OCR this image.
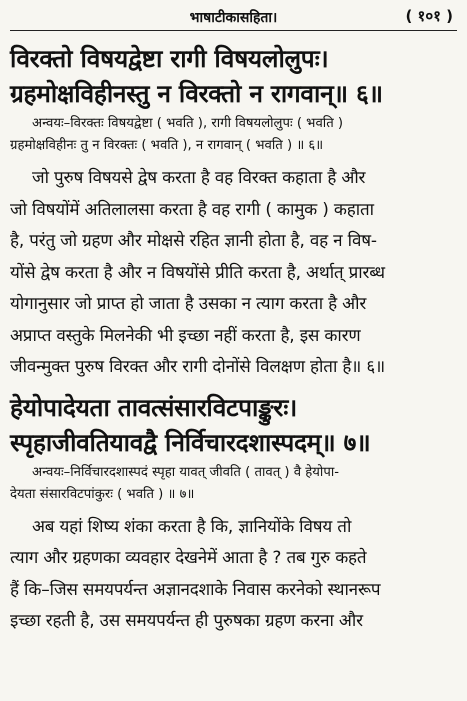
भाषाटीकासहिता।	( १०१ )
विरक्तो विषयद्वेष्टा रागी विषयलोलुपः।
ग्रहमोक्षविहीनस्तु न विरक्तो न रागवान्॥ ६॥
अन्वयः–विरक्तः विषयद्वेष्टा ( भवति ), रागी विषयलोलुपः ( भवति )
ग्रहमोक्षविहीनः तु न विरक्तः ( भवति ), न रागवान् ( भवति ) ॥ ६॥
जो पुरुष विषयसे द्वेष करता है वह विरक्त कहाता है और
जो विषयोंमें अतिलालसा करता है वह रागी ( कामुक ) कहाता
है, परंतु जो ग्रहण और मोक्षसे रहित ज्ञानी होता है, वह न विष-
योंसे द्वेष करता है और न विषयोंसे प्रीति करता है, अर्थात् प्रारब्ध
योगानुसार जो प्राप्त हो जाता है उसका न त्याग करता है और
अप्राप्त वस्तुके मिलनेकी भी इच्छा नहीं करता है, इस कारण
जीवन्मुक्त पुरुष विरक्त और रागी दोनोंसे विलक्षण होता है॥ ६॥
हेयोपादेयता तावत्संसारविटपाङ्कुरः।
स्पृहाजीवतियावद्वै निर्विचारदशास्पदम्॥ ७॥
अन्वयः–निर्विचारदशास्पदं स्पृहा यावत् जीवति ( तावत् ) वै हेयोपा-
देयता संसारविटपांकुरः ( भवति ) ॥ ७॥
अब यहां शिष्य शंका करता है कि, ज्ञानियोंके विषय तो
त्याग और ग्रहणका व्यवहार देखनेमें आता है ? तब गुरु कहते
हैं कि–जिस समयपर्यन्त अज्ञानदशाके निवास करनेको स्थानरूप
इच्छा रहती है, उस समयपर्यन्त ही पुरुषका ग्रहण करना और
